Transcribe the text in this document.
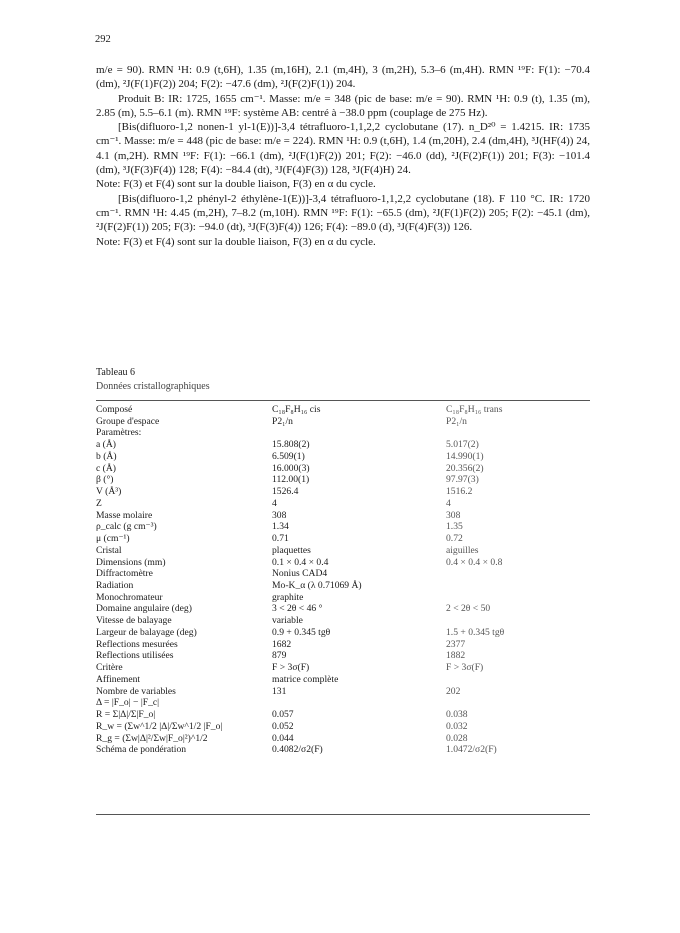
292

m/e = 90). RMN ¹H: 0.9 (t,6H), 1.35 (m,16H), 2.1 (m,4H), 3 (m,2H), 5.3–6 (m,4H). RMN ¹⁹F: F(1): −70.4 (dm), ²J(F(1)F(2)) 204; F(2): −47.6 (dm), ²J(F(2)F(1)) 204.

Produit B: IR: 1725, 1655 cm⁻¹. Masse: m/e = 348 (pic de base: m/e = 90). RMN ¹H: 0.9 (t), 1.35 (m), 2.85 (m), 5.5–6.1 (m). RMN ¹⁹F: système AB: centré à −38.0 ppm (couplage de 275 Hz).

[Bis(difluoro-1,2 nonen-1 yl-1(E))]-3,4 tétrafluoro-1,1,2,2 cyclobutane (17). n_D²⁰ = 1.4215. IR: 1735 cm⁻¹. Masse: m/e = 448 (pic de base: m/e = 224). RMN ¹H: 0.9 (t,6H), 1.4 (m,20H), 2.4 (dm,4H), ³J(HF(4)) 24, 4.1 (m,2H). RMN ¹⁹F: F(1): −66.1 (dm), ²J(F(1)F(2)) 201; F(2): −46.0 (dd), ²J(F(2)F(1)) 201; F(3): −101.4 (dm), ³J(F(3)F(4)) 128; F(4): −84.4 (dt), ³J(F(4)F(3)) 128, ³J(F(4)H) 24.

Note: F(3) et F(4) sont sur la double liaison, F(3) en α du cycle.

[Bis(difluoro-1,2 phényl-2 éthylène-1(E))]-3,4 tétrafluoro-1,1,2,2 cyclobutane (18). F 110 °C. IR: 1720 cm⁻¹. RMN ¹H: 4.45 (m,2H), 7–8.2 (m,10H). RMN ¹⁹F: F(1): −65.5 (dm), ²J(F(1)F(2)) 205; F(2): −45.1 (dm), ²J(F(2)F(1)) 205; F(3): −94.0 (dt), ³J(F(3)F(4)) 126; F(4): −89.0 (d), ³J(F(4)F(3)) 126.

Note: F(3) et F(4) sont sur la double liaison, F(3) en α du cycle.

Tableau 6
Données cristallographiques
Composé	C₁₈F₈H₁₆ cis	C₁₈F₈H₁₆ trans
Groupe d'espace	P2₁/n	P2₁/n
Paramètres:		
a (Å)	15.808(2)	5.017(2)
b (Å)	6.509(1)	14.990(1)
c (Å)	16.000(3)	20.356(2)
β (°)	112.00(1)	97.97(3)
V (Å³)	1526.4	1516.2
Z	4	4
Masse molaire	308	308
ρ_calc (g cm⁻³)	1.34	1.35
μ (cm⁻¹)	0.71	0.72
Cristal	plaquettes	aiguilles
Dimensions (mm)	0.1 × 0.4 × 0.4	0.4 × 0.4 × 0.8
Diffractomètre	Nonius CAD4	
Radiation	Mo-K_α (λ 0.71069 Å)	
Monochromateur	graphite	
Domaine angulaire (deg)	3 < 2θ < 46 °	2 < 2θ < 50
Vitesse de balayage	variable	
Largeur de balayage (deg)	0.9 + 0.345 tgθ	1.5 + 0.345 tgθ
Reflections mesurées	1682	2377
Reflections utilisées	879	1882
Critère	F > 3σ(F)	F > 3σ(F)
Affinement	matrice complète	
Nombre de variables	131	202
Δ = |F_o| − |F_c|		
R = Σ|Δ|/Σ|F_o|	0.057	0.038
R_w = (Σw^1/2 |Δ|/Σw^1/2 |F_o|	0.052	0.032
R_g = (Σw|Δ|²/Σw|F_o|²)^1/2	0.044	0.028
Schéma de pondération	0.4082/σ2(F)	1.0472/σ2(F)
